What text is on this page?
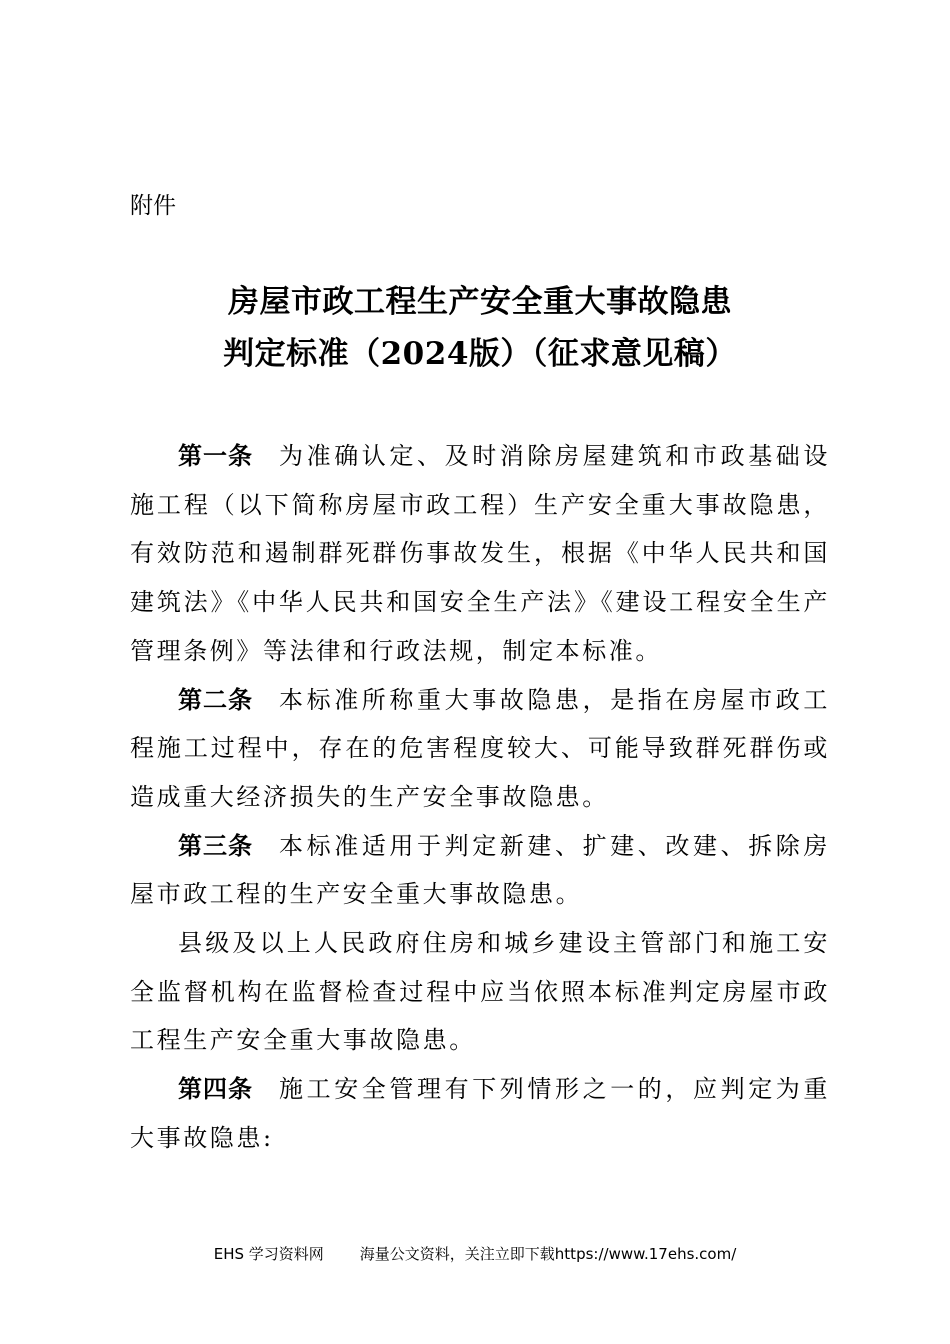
附件
房屋市政工程生产安全重大事故隐患
判定标准（2024版）（征求意见稿）

第一条 为准确认定、及时消除房屋建筑和市政基础设施工程（以下简称房屋市政工程）生产安全重大事故隐患，有效防范和遏制群死群伤事故发生，根据《中华人民共和国建筑法》《中华人民共和国安全生产法》《建设工程安全生产管理条例》等法律和行政法规，制定本标准。

第二条 本标准所称重大事故隐患，是指在房屋市政工程施工过程中，存在的危害程度较大、可能导致群死群伤或造成重大经济损失的生产安全事故隐患。

第三条 本标准适用于判定新建、扩建、改建、拆除房屋市政工程的生产安全重大事故隐患。

县级及以上人民政府住房和城乡建设主管部门和施工安全监督机构在监督检查过程中应当依照本标准判定房屋市政工程生产安全重大事故隐患。

第四条 施工安全管理有下列情形之一的，应判定为重大事故隐患:

EHS 学习资料网 海量公文资料，关注立即下载https://www.17ehs.com/
